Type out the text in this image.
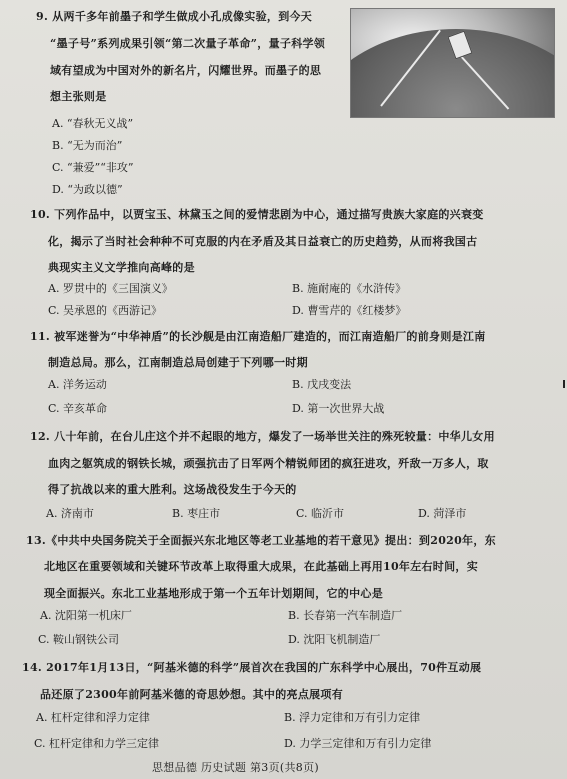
9. 从两千多年前墨子和学生做成小孔成像实验，到今天
“墨子号”系列成果引领“第二次量子革命”，量子科学领
域有望成为中国对外的新名片，闪耀世界。而墨子的思
想主张则是
A. “春秋无义战”
B. “无为而治”
C. “兼爱”“非攻”
D. “为政以德”
10. 下列作品中，以贾宝玉、林黛玉之间的爱情悲剧为中心，通过描写贵族大家庭的兴衰变
化，揭示了当时社会种种不可克服的内在矛盾及其日益衰亡的历史趋势，从而将我国古
典现实主义文学推向高峰的是
A. 罗贯中的《三国演义》	B. 施耐庵的《水浒传》
C. 吴承恩的《西游记》	D. 曹雪芹的《红楼梦》
11. 被军迷誉为“中华神盾”的长沙舰是由江南造船厂建造的，而江南造船厂的前身则是江南
制造总局。那么，江南制造总局创建于下列哪一时期
A. 洋务运动	B. 戊戌变法
C. 辛亥革命	D. 第一次世界大战
12. 八十年前，在台儿庄这个并不起眼的地方，爆发了一场举世关注的殊死较量：中华儿女用
血肉之躯筑成的钢铁长城，顽强抗击了日军两个精锐师团的疯狂进攻，歼敌一万多人，取
得了抗战以来的重大胜利。这场战役发生于今天的
A. 济南市	B. 枣庄市	C. 临沂市	D. 菏泽市
13.《中共中央国务院关于全面振兴东北地区等老工业基地的若干意见》提出：到2020年，东
北地区在重要领域和关键环节改革上取得重大成果，在此基础上再用10年左右时间，实
现全面振兴。东北工业基地形成于第一个五年计划期间，它的中心是
A. 沈阳第一机床厂	B. 长春第一汽车制造厂
C. 鞍山钢铁公司	D. 沈阳飞机制造厂
14. 2017年1月13日，“阿基米德的科学”展首次在我国的广东科学中心展出，70件互动展
品还原了2300年前阿基米德的奇思妙想。其中的亮点展项有
A. 杠杆定律和浮力定律	B. 浮力定律和万有引力定律
C. 杠杆定律和力学三定律	D. 力学三定律和万有引力定律
思想品德 历史试题 第3页(共8页)
